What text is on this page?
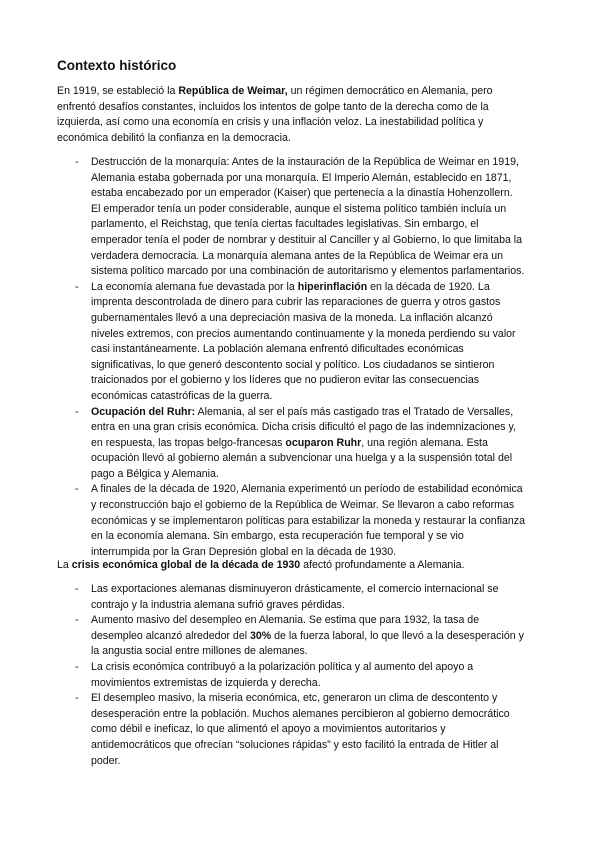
Contexto histórico
En 1919, se estableció la República de Weimar, un régimen democrático en Alemania, pero enfrentó desafíos constantes, incluidos los intentos de golpe tanto de la derecha como de la izquierda, así como una economía en crisis y una inflación veloz. La inestabilidad política y económica debilitó la confianza en la democracia.
- Destrucción de la monarquía: Antes de la instauración de la República de Weimar en 1919, Alemania estaba gobernada por una monarquía. El Imperio Alemán, establecido en 1871, estaba encabezado por un emperador (Kaiser) que pertenecía a la dinastía Hohenzollern. El emperador tenía un poder considerable, aunque el sistema político también incluía un parlamento, el Reichstag, que tenía ciertas facultades legislativas. Sin embargo, el emperador tenía el poder de nombrar y destituir al Canciller y al Gobierno, lo que limitaba la verdadera democracia. La monarquía alemana antes de la República de Weimar era un sistema político marcado por una combinación de autoritarismo y elementos parlamentarios.
- La economía alemana fue devastada por la hiperinflación en la década de 1920. La imprenta descontrolada de dinero para cubrir las reparaciones de guerra y otros gastos gubernamentales llevó a una depreciación masiva de la moneda. La inflación alcanzó niveles extremos, con precios aumentando continuamente y la moneda perdiendo su valor casi instantáneamente. La población alemana enfrentó dificultades económicas significativas, lo que generó descontento social y político. Los ciudadanos se sintieron traicionados por el gobierno y los líderes que no pudieron evitar las consecuencias económicas catastróficas de la guerra.
- Ocupación del Ruhr: Alemania, al ser el país más castigado tras el Tratado de Versalles, entra en una gran crisis económica. Dicha crisis dificultó el pago de las indemnizaciones y, en respuesta, las tropas belgo-francesas ocuparon Ruhr, una región alemana. Esta ocupación llevó al gobierno alemán a subvencionar una huelga y a la suspensión total del pago a Bélgica y Alemania.
- A finales de la década de 1920, Alemania experimentó un período de estabilidad económica y reconstrucción bajo el gobierno de la República de Weimar. Se llevaron a cabo reformas económicas y se implementaron políticas para estabilizar la moneda y restaurar la confianza en la economía alemana. Sin embargo, esta recuperación fue temporal y se vio interrumpida por la Gran Depresión global en la década de 1930.
La crisis económica global de la década de 1930 afectó profundamente a Alemania.
- Las exportaciones alemanas disminuyeron drásticamente, el comercio internacional se contrajo y la industria alemana sufrió graves pérdidas.
- Aumento masivo del desempleo en Alemania. Se estima que para 1932, la tasa de desempleo alcanzó alrededor del 30% de la fuerza laboral, lo que llevó a la desesperación y la angustia social entre millones de alemanes.
- La crisis económica contribuyó a la polarización política y al aumento del apoyo a movimientos extremistas de izquierda y derecha.
- El desempleo masivo, la miseria económica, etc, generaron un clima de descontento y desesperación entre la población. Muchos alemanes percibieron al gobierno democrático como débil e ineficaz, lo que alimentó el apoyo a movimientos autoritarios y antidemocráticos que ofrecían “soluciones rápidas” y esto facilitó la entrada de Hitler al poder.
